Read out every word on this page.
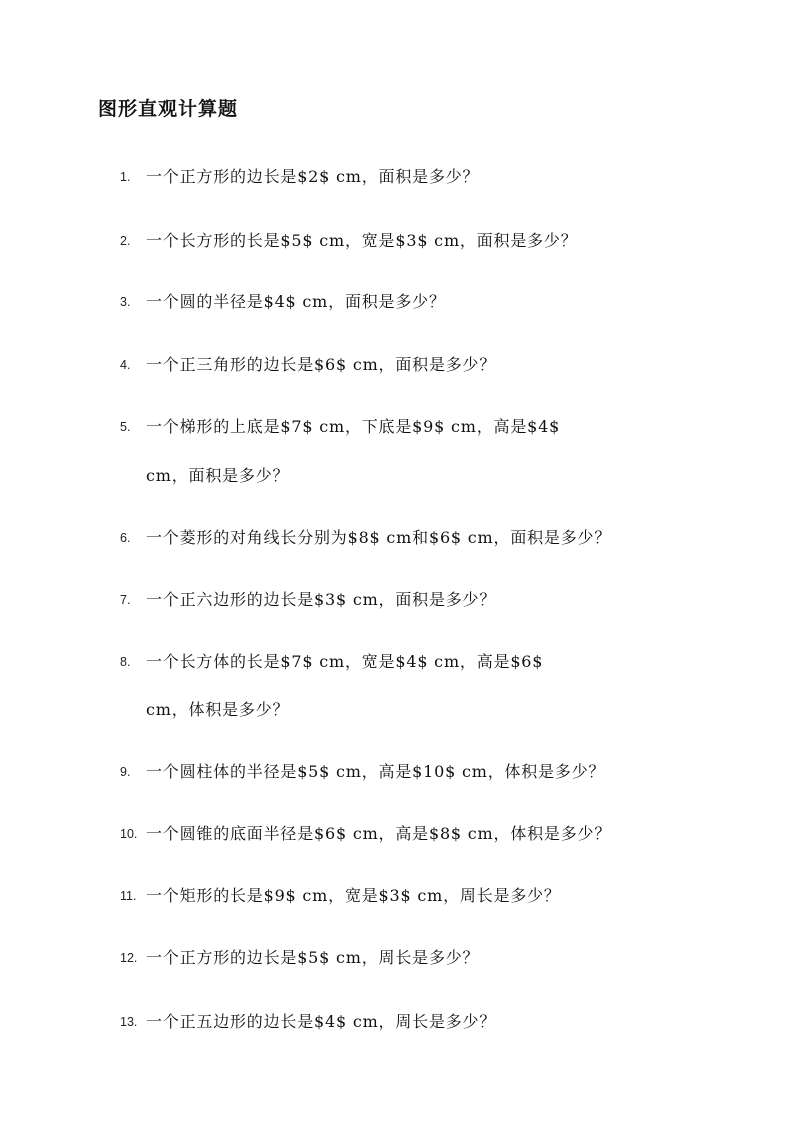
图形直观计算题
1. 一个正方形的边长是$2$ cm，面积是多少？
2. 一个长方形的长是$5$ cm，宽是$3$ cm，面积是多少？
3. 一个圆的半径是$4$ cm，面积是多少？
4. 一个正三角形的边长是$6$ cm，面积是多少？
5. 一个梯形的上底是$7$ cm，下底是$9$ cm，高是$4$
cm，面积是多少？
6. 一个菱形的对角线长分别为$8$ cm和$6$ cm，面积是多少？
7. 一个正六边形的边长是$3$ cm，面积是多少？
8. 一个长方体的长是$7$ cm，宽是$4$ cm，高是$6$
cm，体积是多少？
9. 一个圆柱体的半径是$5$ cm，高是$10$ cm，体积是多少？
10. 一个圆锥的底面半径是$6$ cm，高是$8$ cm，体积是多少？
11. 一个矩形的长是$9$ cm，宽是$3$ cm，周长是多少？
12. 一个正方形的边长是$5$ cm，周长是多少？
13. 一个正五边形的边长是$4$ cm，周长是多少？
